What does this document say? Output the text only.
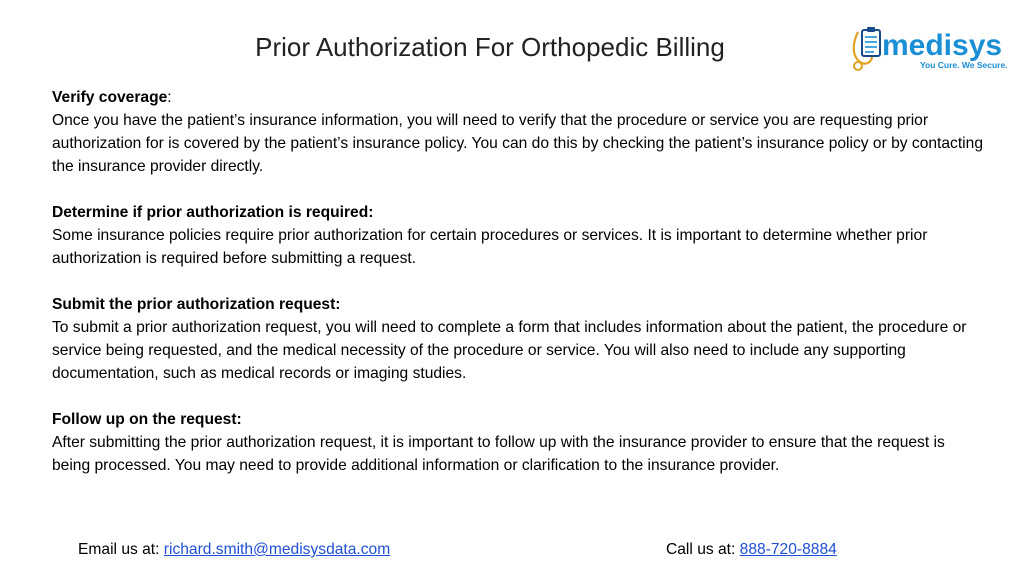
Prior Authorization For Orthopedic Billing	medisys
You Cure. We Secure.
Verify coverage:
Once you have the patient’s insurance information, you will need to verify that the procedure or service you are requesting prior authorization for is covered by the patient’s insurance policy. You can do this by checking the patient’s insurance policy or by contacting the insurance provider directly.
Determine if prior authorization is required:
Some insurance policies require prior authorization for certain procedures or services. It is important to determine whether prior authorization is required before submitting a request.
Submit the prior authorization request:
To submit a prior authorization request, you will need to complete a form that includes information about the patient, the procedure or service being requested, and the medical necessity of the procedure or service. You will also need to include any supporting documentation, such as medical records or imaging studies.
Follow up on the request:
After submitting the prior authorization request, it is important to follow up with the insurance provider to ensure that the request is being processed. You may need to provide additional information or clarification to the insurance provider.
Email us at: richard.smith@medisysdata.com	Call us at: 888-720-8884
